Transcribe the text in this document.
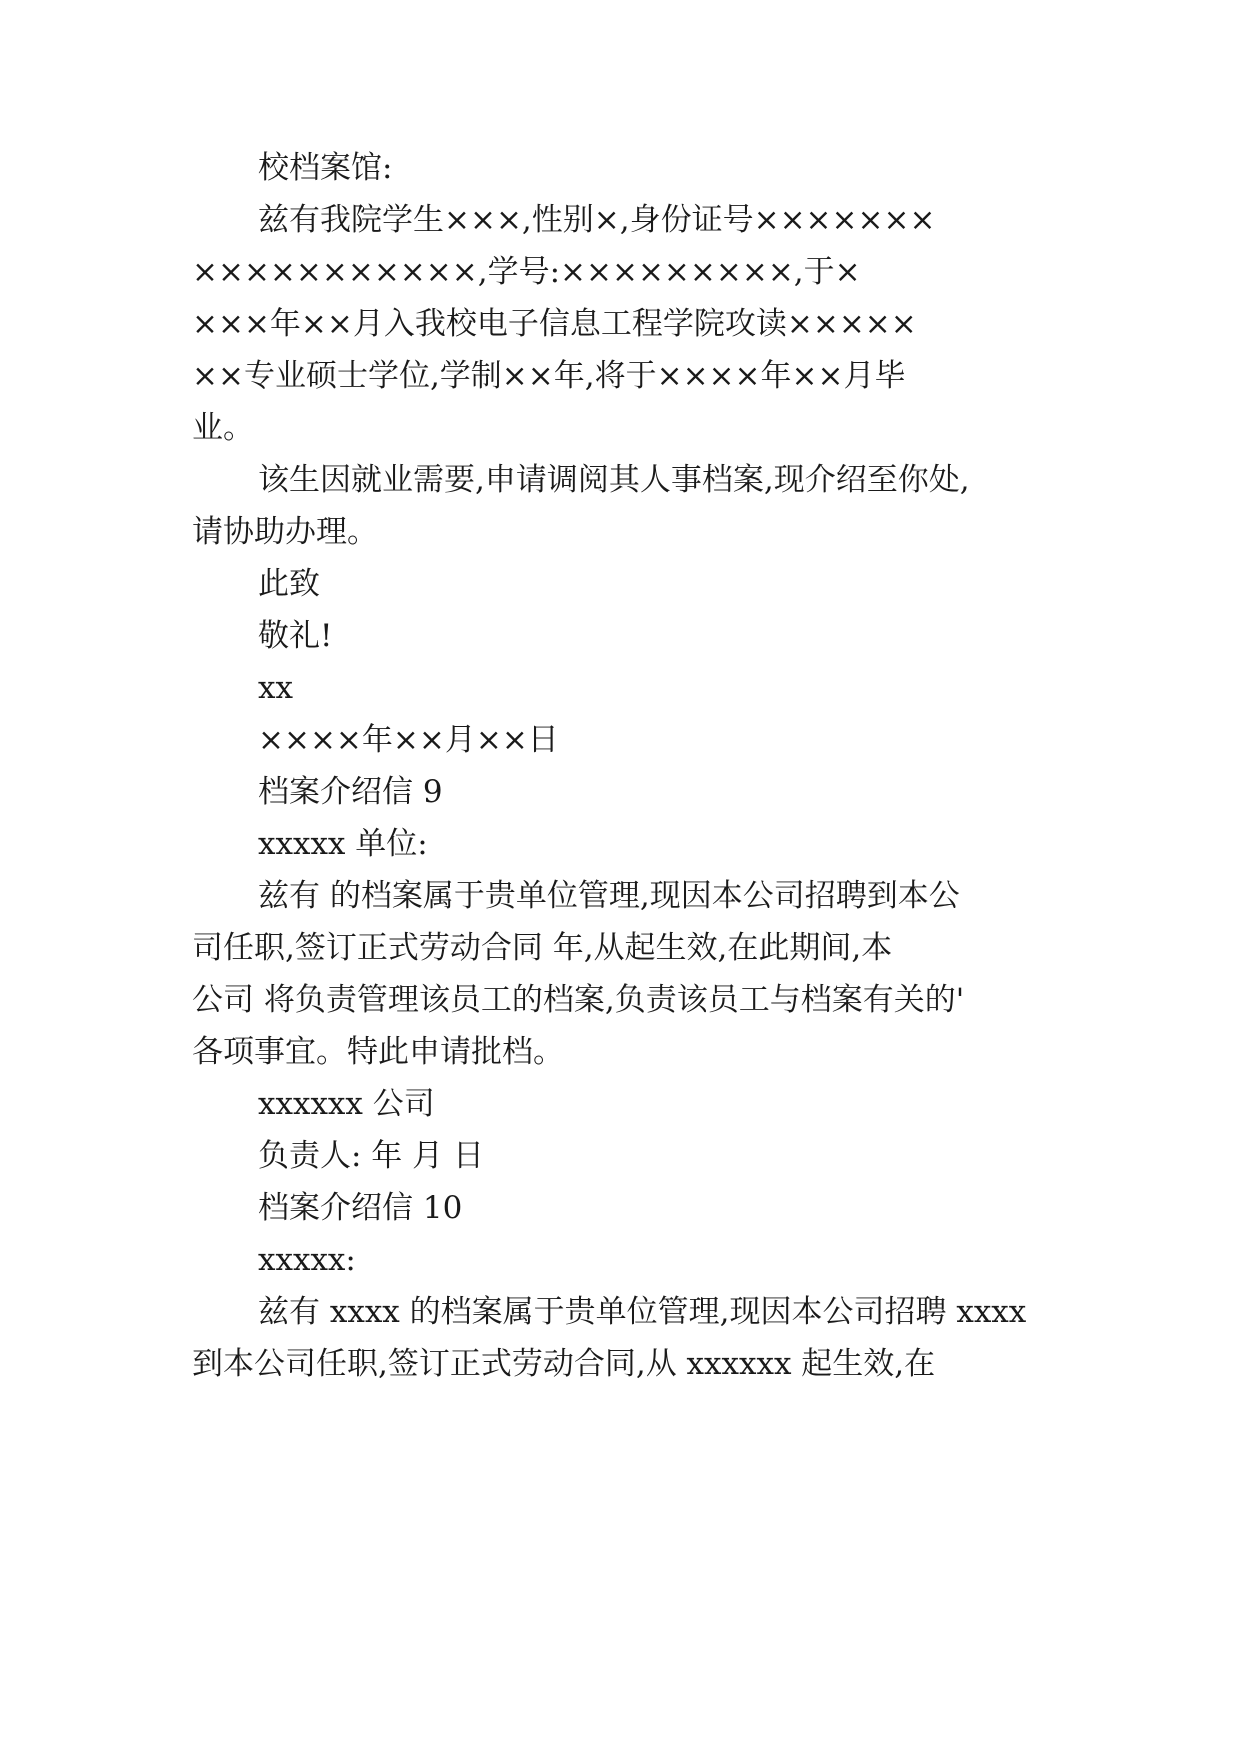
校档案馆:
兹有我院学生×××,性别×,身份证号×××××××
×××××××××××,学号:×××××××××,于×
×××年××月入我校电子信息工程学院攻读×××××
××专业硕士学位,学制××年,将于××××年××月毕
业。
该生因就业需要,申请调阅其人事档案,现介绍至你处,
请协助办理。
此致
敬礼!
xx
××××年××月××日
档案介绍信 9
xxxxx 单位:
兹有 的档案属于贵单位管理,现因本公司招聘到本公
司任职,签订正式劳动合同 年,从起生效,在此期间,本
公司 将负责管理该员工的档案,负责该员工与档案有关的'
各项事宜。特此申请批档。
xxxxxx 公司
负责人: 年 月 日
档案介绍信 10
xxxxx:
兹有 xxxx 的档案属于贵单位管理,现因本公司招聘 xxxx
到本公司任职,签订正式劳动合同,从 xxxxxx 起生效,在
